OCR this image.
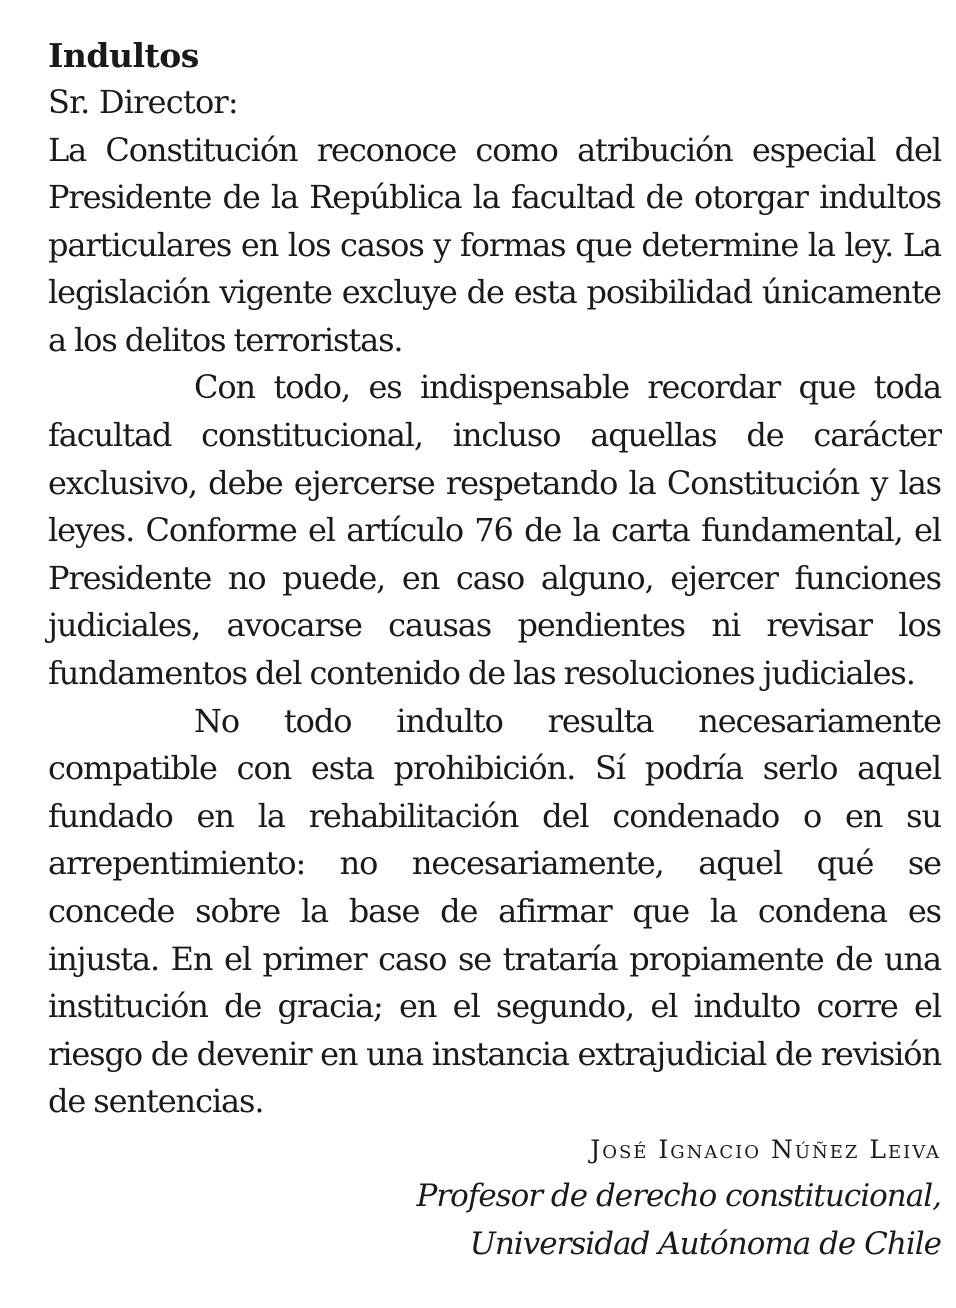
Indultos

Sr. Director:

La Constitución reconoce como atribución especial del Presidente de la República la facultad de otorgar indultos particulares en los casos y formas que determine la ley. La legislación vigente excluye de esta posibilidad únicamente a los delitos terroristas.

Con todo, es indispensable recordar que toda facultad constitucional, incluso aquellas de carácter exclusivo, debe ejercerse respetando la Constitución y las leyes. Conforme el artículo 76 de la carta fundamental, el Presidente no puede, en caso alguno, ejercer funciones judiciales, avocarse causas pendientes ni revisar los fundamentos del contenido de las resoluciones judiciales.

No todo indulto resulta necesariamente compatible con esta prohibición. Sí podría serlo aquel fundado en la rehabilitación del condenado o en su arrepentimiento: no necesariamente, aquel qué se concede sobre la base de afirmar que la condena es injusta. En el primer caso se trataría propiamente de una institución de gracia; en el segundo, el indulto corre el riesgo de devenir en una instancia extrajudicial de revisión de sentencias.

José Ignacio Núñez Leiva
Profesor de derecho constitucional,
Universidad Autónoma de Chile
